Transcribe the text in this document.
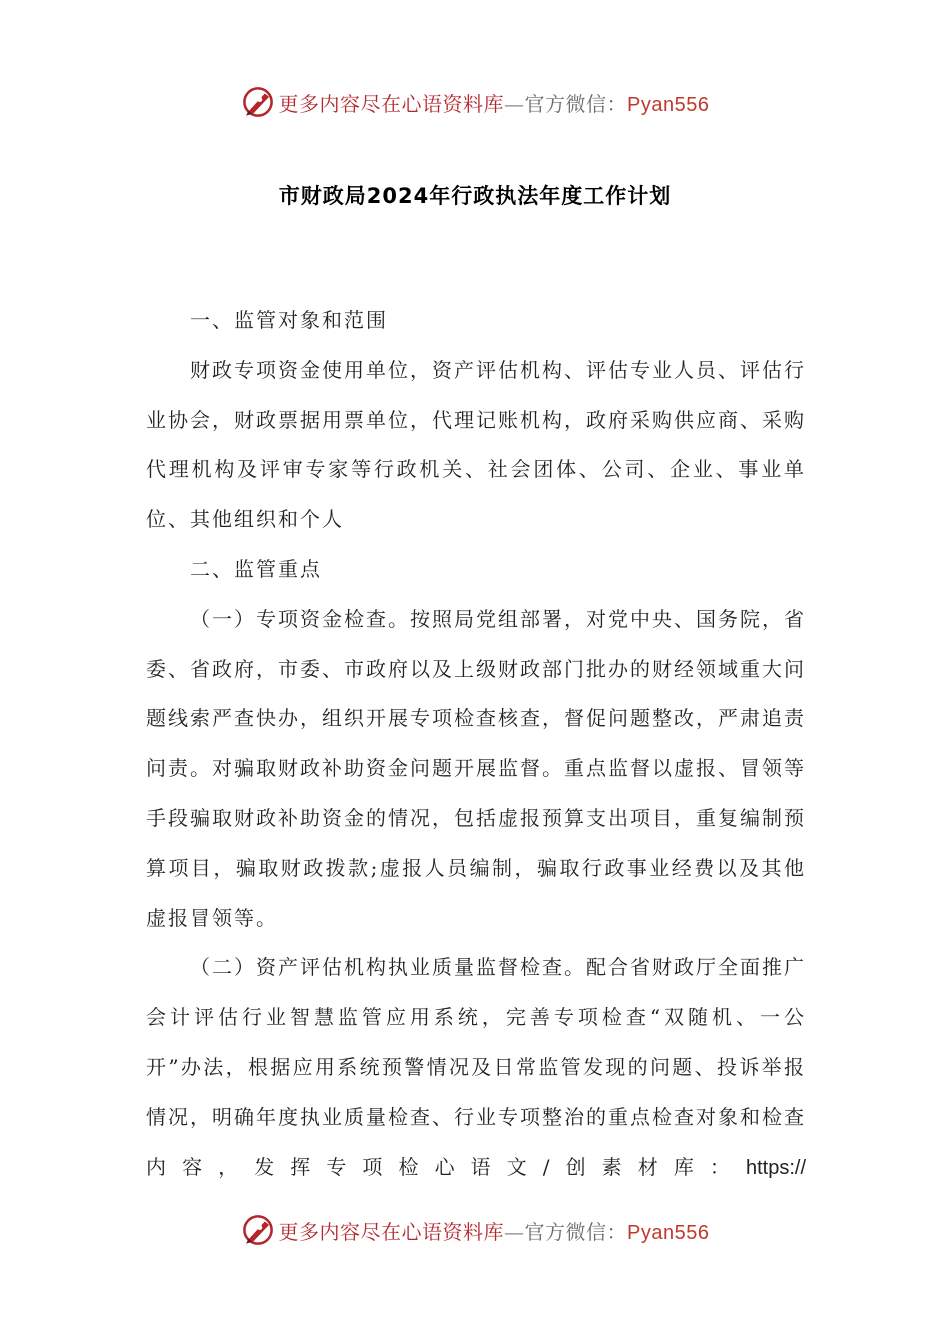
更多内容尽在心语资料库—官方微信：Pyan556
市财政局2024年行政执法年度工作计划

一、监管对象和范围

财政专项资金使用单位，资产评估机构、评估专业人员、评估行业协会，财政票据用票单位，代理记账机构，政府采购供应商、采购代理机构及评审专家等行政机关、社会团体、公司、企业、事业单位、其他组织和个人

二、监管重点

（一）专项资金检查。按照局党组部署，对党中央、国务院，省委、省政府，市委、市政府以及上级财政部门批办的财经领域重大问题线索严查快办，组织开展专项检查核查，督促问题整改，严肃追责问责。对骗取财政补助资金问题开展监督。重点监督以虚报、冒领等手段骗取财政补助资金的情况，包括虚报预算支出项目，重复编制预算项目，骗取财政拨款;虚报人员编制，骗取行政事业经费以及其他虚报冒领等。

（二）资产评估机构执业质量监督检查。配合省财政厅全面推广会计评估行业智慧监管应用系统，完善专项检查“双随机、一公开”办法，根据应用系统预警情况及日常监管发现的问题、投诉举报情况，明确年度执业质量检查、行业专项整治的重点检查对象和检查内容，发挥专项检心语文/创素材库：https://

更多内容尽在心语资料库—官方微信：Pyan556
